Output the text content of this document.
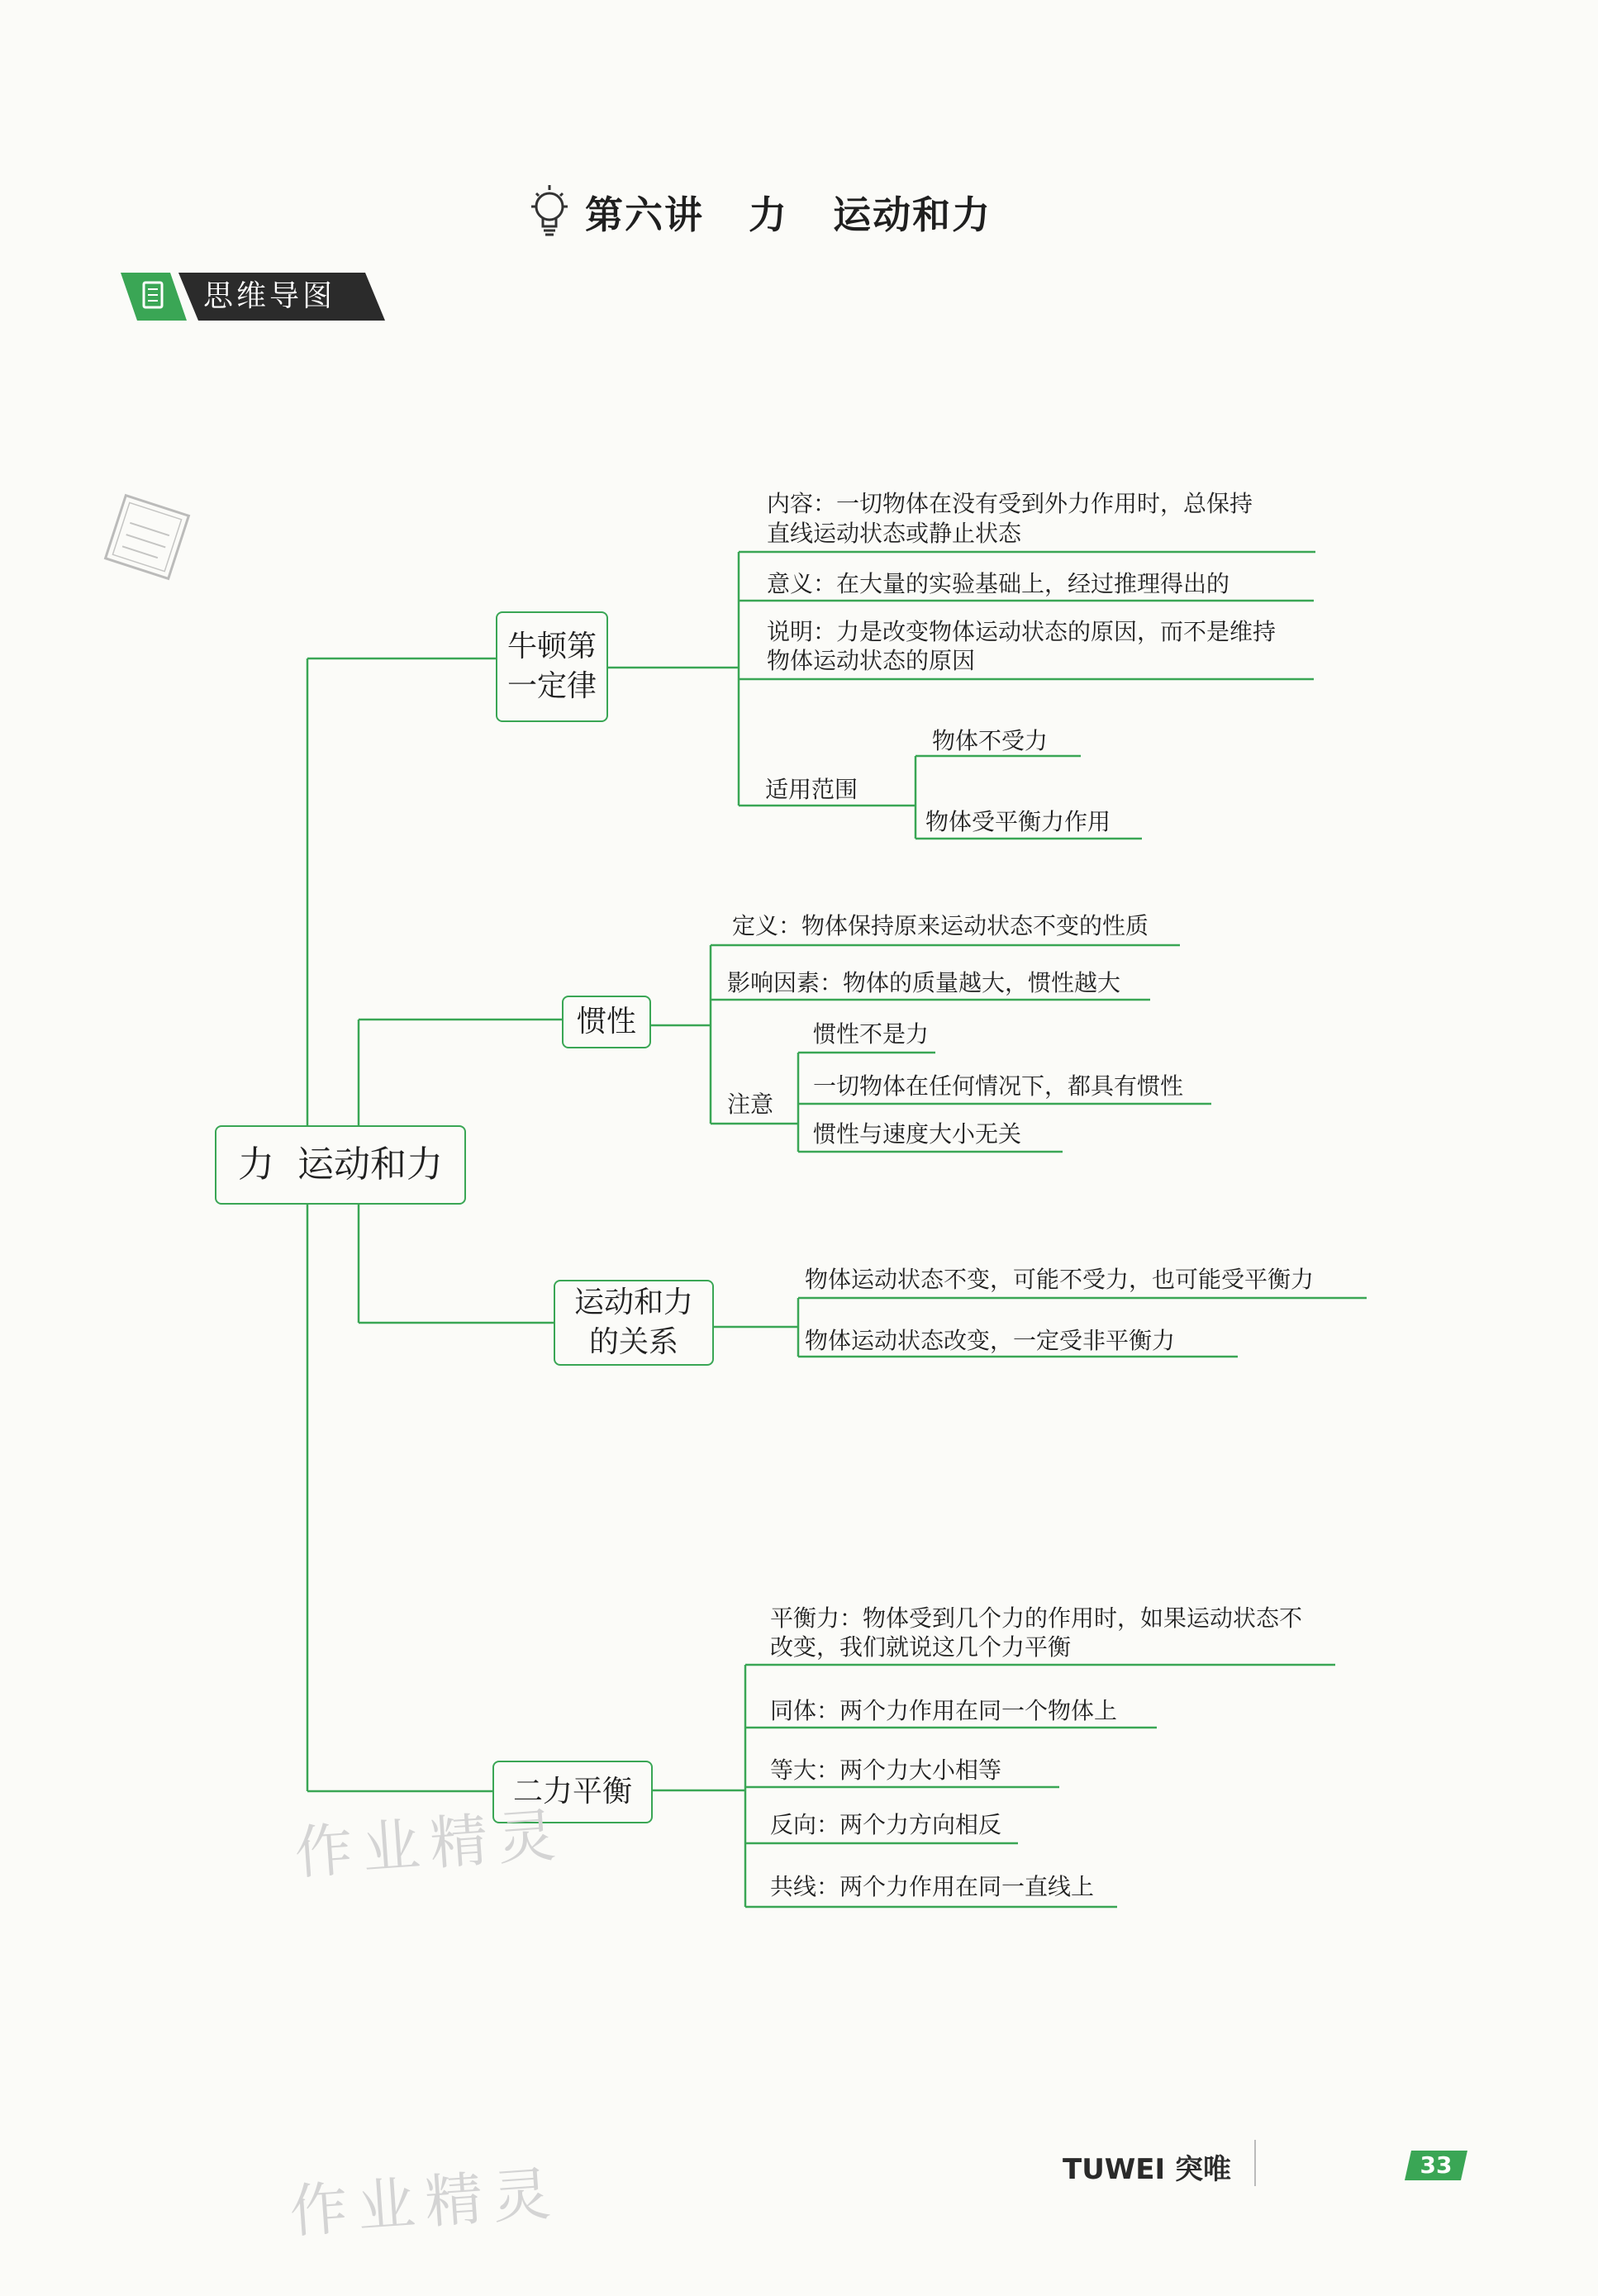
第六讲   力   运动和力
思维导图
力  运动和力
牛顿第
一定律
惯性
运动和力
的关系
二力平衡
内容：一切物体在没有受到外力作用时，总保持
直线运动状态或静止状态
意义：在大量的实验基础上，经过推理得出的
说明：力是改变物体运动状态的原因，而不是维持
物体运动状态的原因
适用范围
物体不受力
物体受平衡力作用
定义：物体保持原来运动状态不变的性质
影响因素：物体的质量越大，惯性越大
注意
惯性不是力
一切物体在任何情况下，都具有惯性
惯性与速度大小无关
物体运动状态不变，可能不受力，也可能受平衡力
物体运动状态改变，一定受非平衡力
平衡力：物体受到几个力的作用时，如果运动状态不
改变，我们就说这几个力平衡
同体：两个力作用在同一个物体上
等大：两个力大小相等
反向：两个力方向相反
共线：两个力作用在同一直线上
作业精灵
作业精灵	TUWEI 突唯	33
